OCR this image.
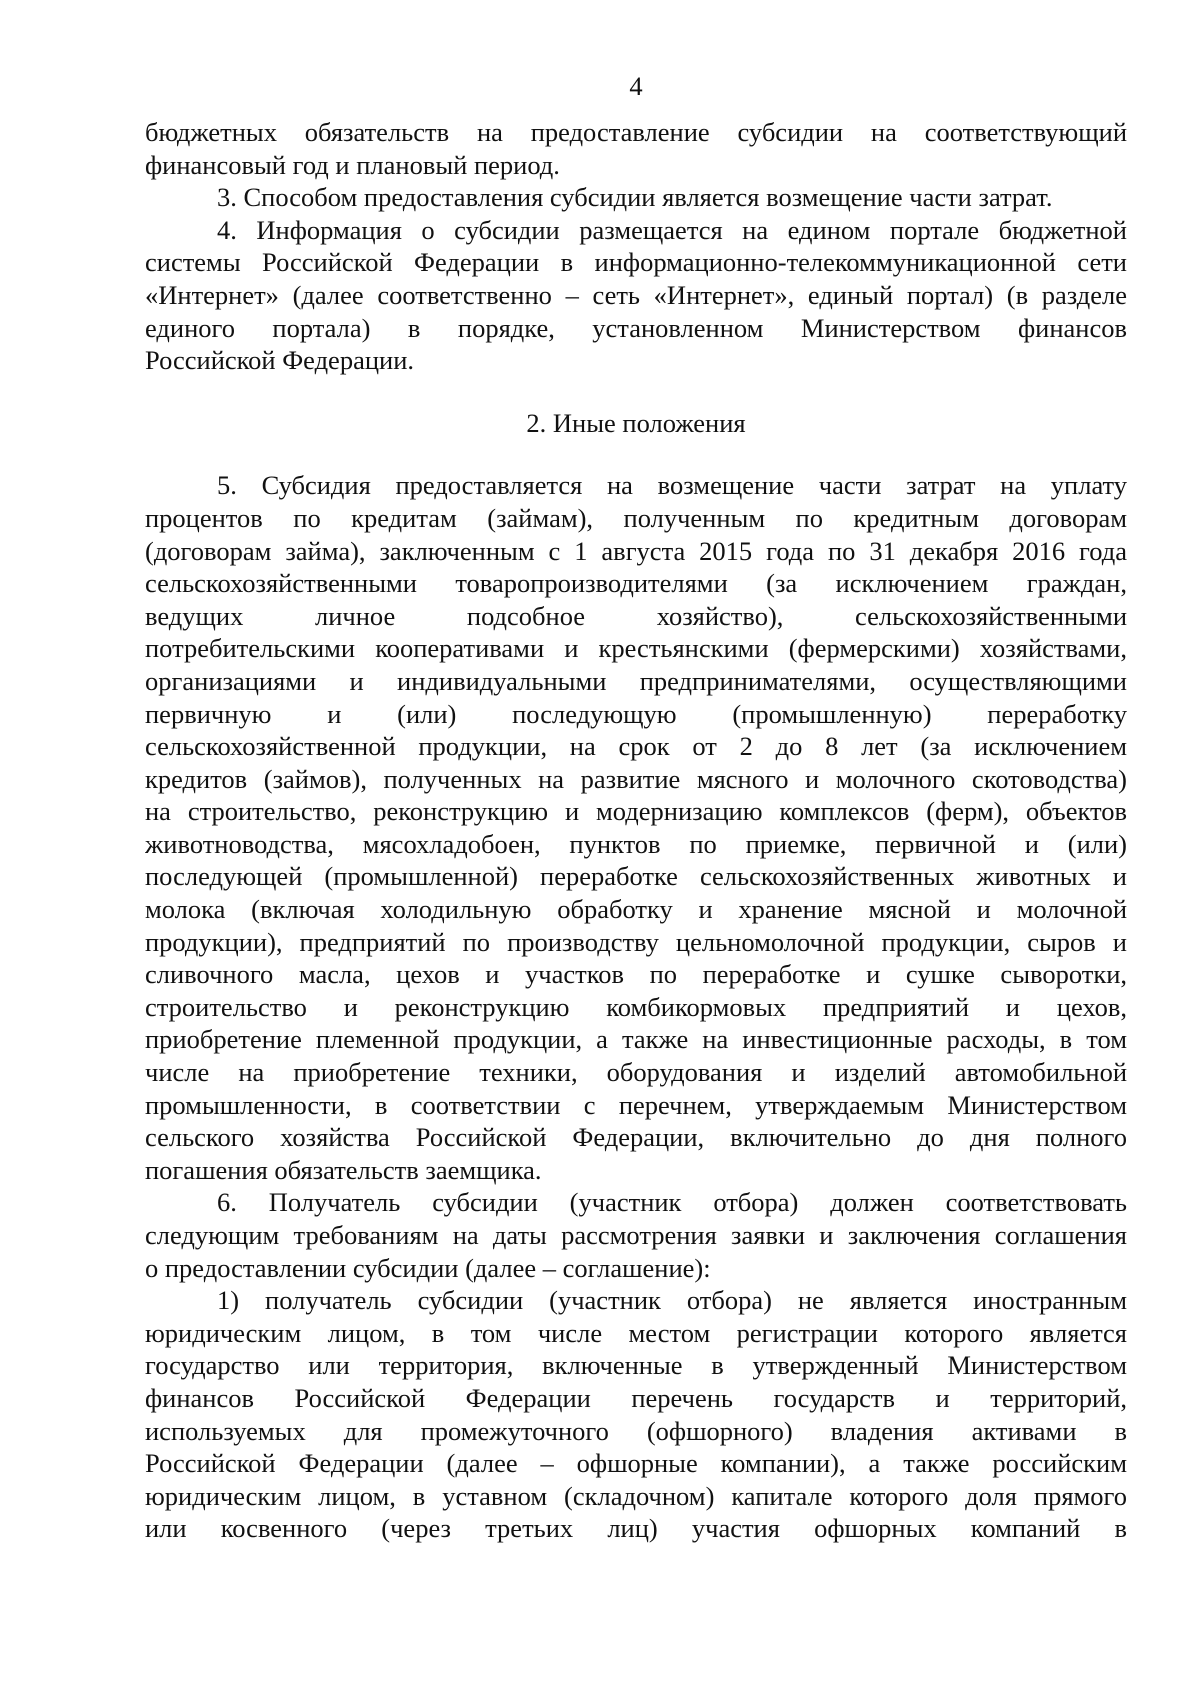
4
бюджетных обязательств на предоставление субсидии на соответствующий
финансовый год и плановый период.
3. Способом предоставления субсидии является возмещение части затрат.
4. Информация о субсидии размещается на едином портале бюджетной
системы Российской Федерации в информационно-телекоммуникационной сети
«Интернет» (далее соответственно – сеть «Интернет», единый портал) (в разделе
единого портала) в порядке, установленном Министерством финансов
Российской Федерации.
2. Иные положения
5. Субсидия предоставляется на возмещение части затрат на уплату
процентов по кредитам (займам), полученным по кредитным договорам
(договорам займа), заключенным с 1 августа 2015 года по 31 декабря 2016 года
сельскохозяйственными товаропроизводителями (за исключением граждан,
ведущих личное подсобное хозяйство), сельскохозяйственными
потребительскими кооперативами и крестьянскими (фермерскими) хозяйствами,
организациями и индивидуальными предпринимателями, осуществляющими
первичную и (или) последующую (промышленную) переработку
сельскохозяйственной продукции, на срок от 2 до 8 лет (за исключением
кредитов (займов), полученных на развитие мясного и молочного скотоводства)
на строительство, реконструкцию и модернизацию комплексов (ферм), объектов
животноводства, мясохладобоен, пунктов по приемке, первичной и (или)
последующей (промышленной) переработке сельскохозяйственных животных и
молока (включая холодильную обработку и хранение мясной и молочной
продукции), предприятий по производству цельномолочной продукции, сыров и
сливочного масла, цехов и участков по переработке и сушке сыворотки,
строительство и реконструкцию комбикормовых предприятий и цехов,
приобретение племенной продукции, а также на инвестиционные расходы, в том
числе на приобретение техники, оборудования и изделий автомобильной
промышленности, в соответствии с перечнем, утверждаемым Министерством
сельского хозяйства Российской Федерации, включительно до дня полного
погашения обязательств заемщика.
6. Получатель субсидии (участник отбора) должен соответствовать
следующим требованиям на даты рассмотрения заявки и заключения соглашения
о предоставлении субсидии (далее – соглашение):
1) получатель субсидии (участник отбора) не является иностранным
юридическим лицом, в том числе местом регистрации которого является
государство или территория, включенные в утвержденный Министерством
финансов Российской Федерации перечень государств и территорий,
используемых для промежуточного (офшорного) владения активами в
Российской Федерации (далее – офшорные компании), а также российским
юридическим лицом, в уставном (складочном) капитале которого доля прямого
или косвенного (через третьих лиц) участия офшорных компаний в
